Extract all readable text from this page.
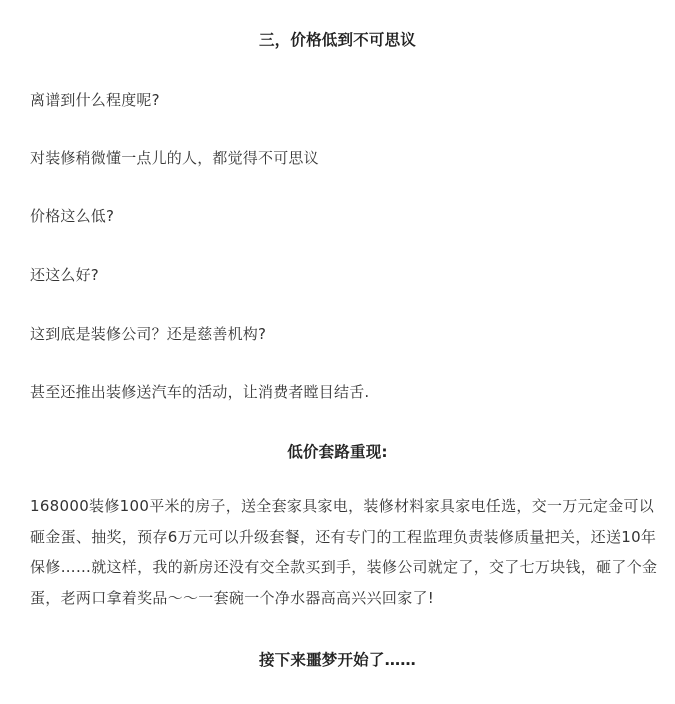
三，价格低到不可思议
离谱到什么程度呢?
对装修稍微懂一点儿的人，都觉得不可思议
价格这么低?
还这么好?
这到底是装修公司？还是慈善机构?
甚至还推出装修送汽车的活动，让消费者瞠目结舌.
低价套路重现:
168000装修100平米的房子，送全套家具家电，装修材料家具家电任选，交一万元定金可以砸金蛋、抽奖，预存6万元可以升级套餐，还有专门的工程监理负责装修质量把关，还送10年保修……就这样，我的新房还没有交全款买到手，装修公司就定了，交了七万块钱，砸了个金蛋，老两口拿着奖品～～一套碗一个净水器高高兴兴回家了!
接下来噩梦开始了……
